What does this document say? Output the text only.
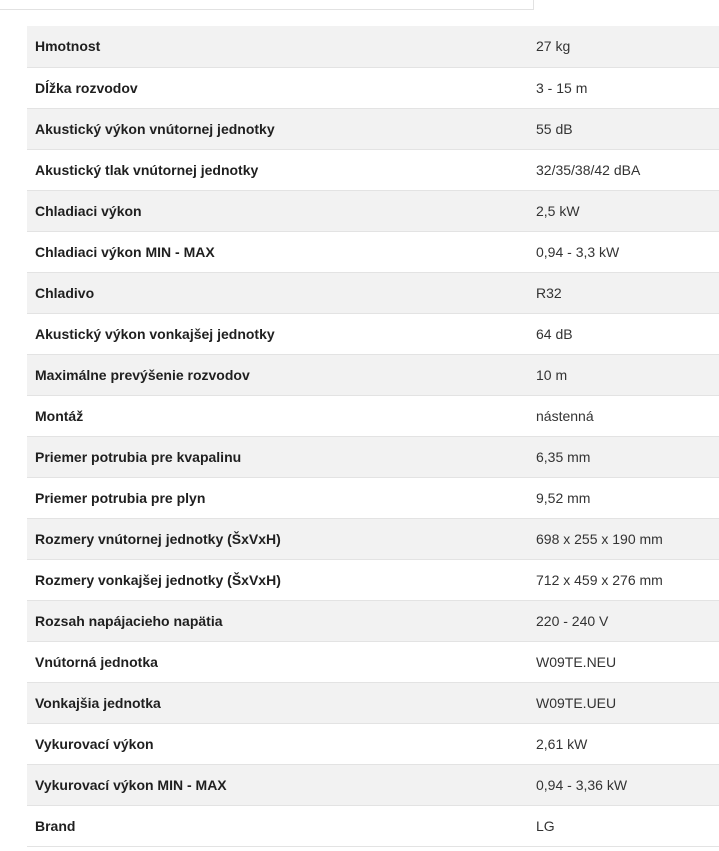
Hmotnost	27 kg
Dĺžka rozvodov	3 - 15 m
Akustický výkon vnútornej jednotky	55 dB
Akustický tlak vnútornej jednotky	32/35/38/42 dBA
Chladiaci výkon	2,5 kW
Chladiaci výkon MIN - MAX	0,94 - 3,3 kW
Chladivo	R32
Akustický výkon vonkajšej jednotky	64 dB
Maximálne prevýšenie rozvodov	10 m
Montáž	nástenná
Priemer potrubia pre kvapalinu	6,35 mm
Priemer potrubia pre plyn	9,52 mm
Rozmery vnútornej jednotky (ŠxVxH)	698 x 255 x 190 mm
Rozmery vonkajšej jednotky (ŠxVxH)	712 x 459 x 276 mm
Rozsah napájacieho napätia	220 - 240 V
Vnútorná jednotka	W09TE.NEU
Vonkajšia jednotka	W09TE.UEU
Vykurovací výkon	2,61 kW
Vykurovací výkon MIN - MAX	0,94 - 3,36 kW
Brand	LG
